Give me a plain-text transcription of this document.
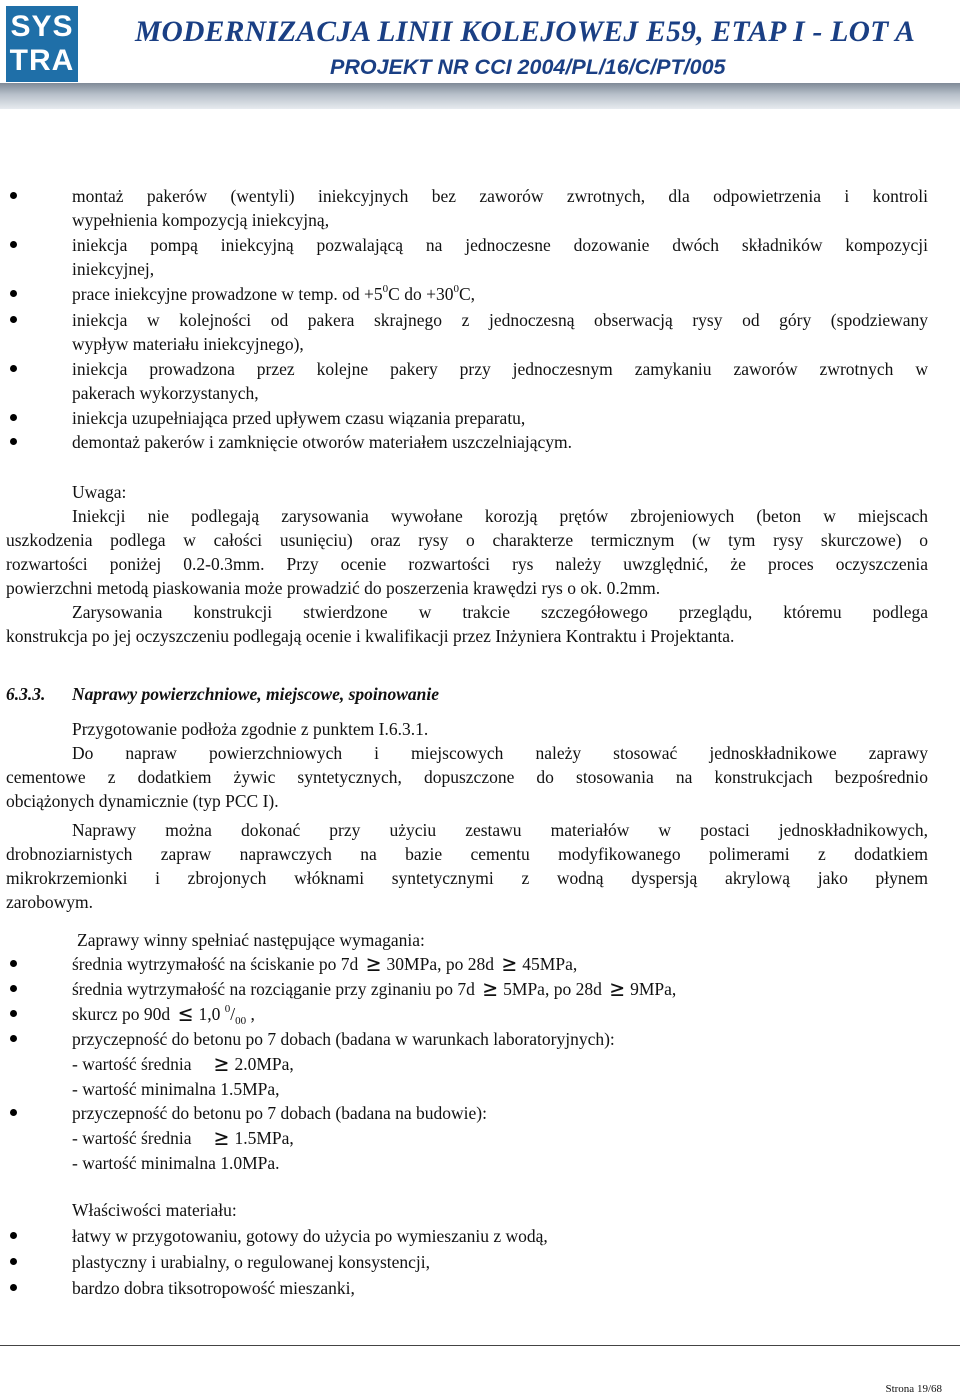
SYS
TRA
MODERNIZACJA LINII KOLEJOWEJ E59, ETAP I - LOT A
PROJEKT NR CCI 2004/PL/16/C/PT/005
montaż pakerów (wentyli) iniekcyjnych bez zaworów zwrotnych, dla odpowietrzenia i kontroli
wypełnienia kompozycją iniekcyjną,
iniekcja pompą iniekcyjną pozwalającą na jednoczesne dozowanie dwóch składników kompozycji
iniekcyjnej,
prace iniekcyjne prowadzone w temp. od $+5^0C$ do $+30^0C$,
iniekcja w kolejności od pakera skrajnego z jednoczesną obserwacją rysy od góry (spodziewany
wypływ materiału iniekcyjnego),
iniekcja prowadzona przez kolejne pakery przy jednoczesnym zamykaniu zaworów zwrotnych w
pakerach wykorzystanych,
iniekcja uzupełniająca przed upływem czasu wiązania preparatu,
demontaż pakerów i zamknięcie otworów materiałem uszczelniającym.
Uwaga:
Iniekcji nie podlegają zarysowania wywołane korozją prętów zbrojeniowych (beton w miejscach
uszkodzenia podlega w całości usunięciu) oraz rysy o charakterze termicznym (w tym rysy skurczowe) o
rozwartości poniżej 0.2-0.3mm. Przy ocenie rozwartości rys należy uwzględnić, że proces oczyszczenia
powierzchni metodą piaskowania może prowadzić do poszerzenia krawędzi rys o ok. 0.2mm.
Zarysowania konstrukcji stwierdzone w trakcie szczegółowego przeglądu, któremu podlega
konstrukcja po jej oczyszczeniu podlegają ocenie i kwalifikacji przez Inżyniera Kontraktu i Projektanta.
6.3.3. Naprawy powierzchniowe, miejscowe, spoinowanie
Przygotowanie podłoża zgodnie z punktem I.6.3.1.
Do napraw powierzchniowych i miejscowych należy stosować jednoskładnikowe zaprawy
cementowe z dodatkiem żywic syntetycznych, dopuszczone do stosowania na konstrukcjach bezpośrednio
obciążonych dynamicznie (typ PCC I).
Naprawy można dokonać przy użyciu zestawu materiałów w postaci jednoskładnikowych,
drobnoziarnistych zapraw naprawczych na bazie cementu modyfikowanego polimerami z dodatkiem
mikrokrzemionki i zbrojonych włóknami syntetycznymi z wodną dyspersją akrylową jako płynem
zarobowym.
Zaprawy winny spełniać następujące wymagania:
średnia wytrzymałość na ściskanie po 7d ≥ 30MPa, po 28d ≥ 45MPa,
średnia wytrzymałość na rozciąganie przy zginaniu po 7d ≥ 5MPa, po 28d ≥ 9MPa,
skurcz po 90d ≤ 1,0 $^0/_{00}$ ,
przyczepność do betonu po 7 dobach (badana w warunkach laboratoryjnych):
- wartość średnia ≥ 2.0MPa,
- wartość minimalna 1.5MPa,
przyczepność do betonu po 7 dobach (badana na budowie):
- wartość średnia ≥ 1.5MPa,
- wartość minimalna 1.0MPa.
Właściwości materiału:
łatwy w przygotowaniu, gotowy do użycia po wymieszaniu z wodą,
plastyczny i urabialny, o regulowanej konsystencji,
bardzo dobra tiksotropowość mieszanki,
Strona 19/68
